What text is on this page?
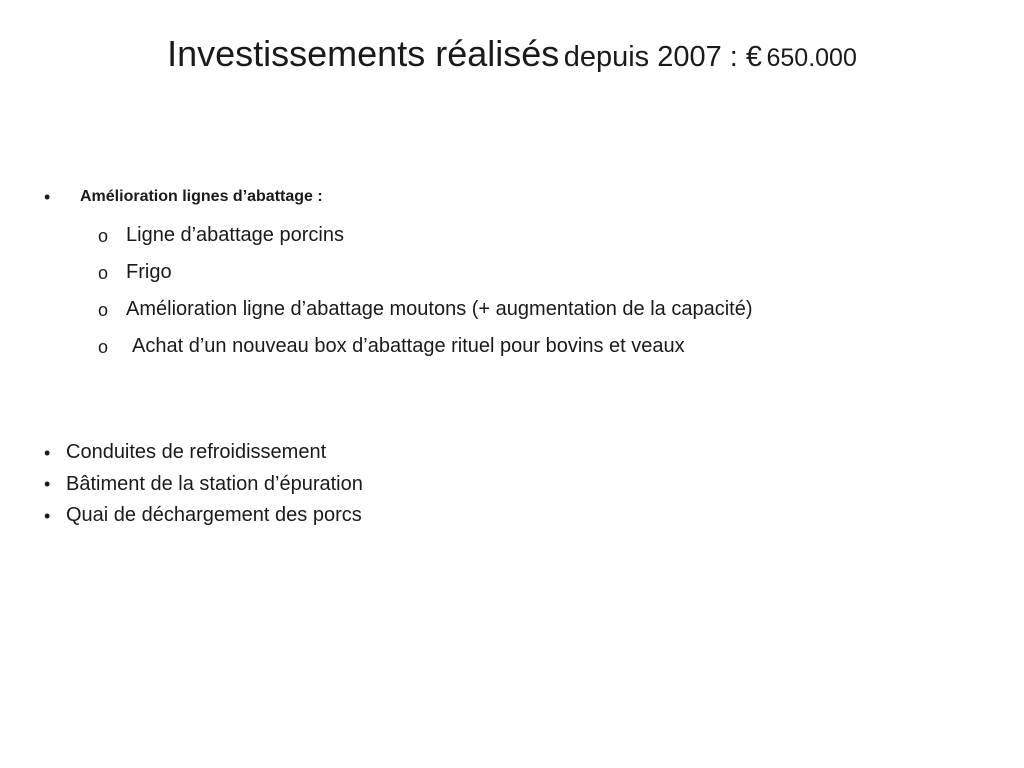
Investissements réalisés depuis 2007 : € 650.000
•	Amélioration lignes d’abattage :
o Ligne d’abattage porcins
o Frigo
o Amélioration ligne d’abattage moutons (+ augmentation de la capacité)
o	Achat d’un nouveau box d’abattage rituel pour bovins et veaux
• Conduites de refroidissement
• Bâtiment de la station d’épuration
• Quai de déchargement des porcs
